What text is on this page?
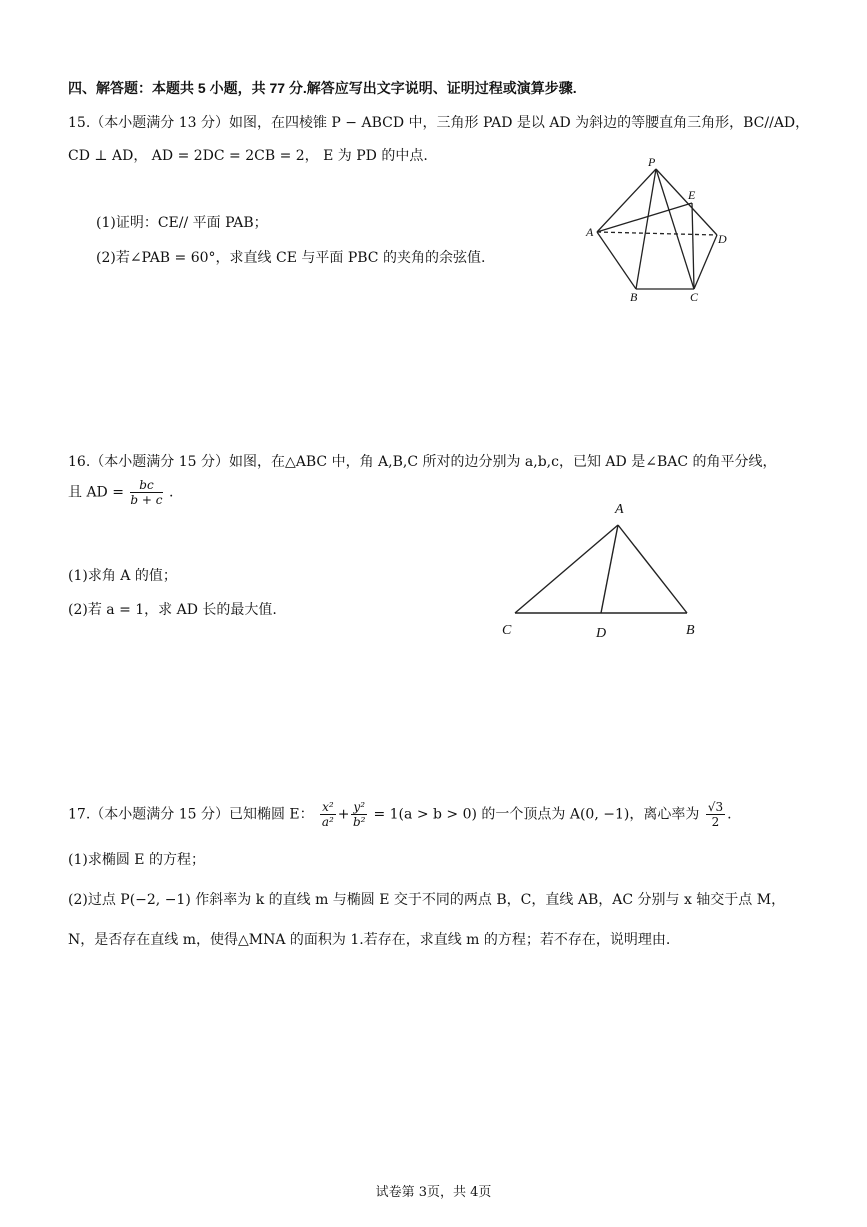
四、解答题：本题共 5 小题，共 77 分.解答应写出文字说明、证明过程或演算步骤.
15.（本小题满分 13 分）如图，在四棱锥 P − ABCD 中，三角形 PAD 是以 AD 为斜边的等腰直角三角形，BC//AD，
CD ⊥ AD， AD = 2DC = 2CB = 2， E 为 PD 的中点.
(1)证明：CE// 平面 PAB；
(2)若∠PAB = 60°，求直线 CE 与平面 PBC 的夹角的余弦值.
P
E
A	D
B	C
16.（本小题满分 15 分）如图，在△ABC 中，角 A,B,C 所对的边分别为 a,b,c，已知 AD 是∠BAC 的角平分线，
且 AD = $\frac{bc}{b + c}$ .
(1)求角 A 的值；
(2)若 a = 1，求 AD 长的最大值.
A
C	D	B
17.（本小题满分 15 分）已知椭圆 E： $\frac{\text{x²}}{\text{a²}} + \frac{\text{y²}}{\text{b²}} = 1(a > b > 0)$ 的一个顶点为 A(0, −1)，离心率为 $\frac{√3}{2}$ .
(1)求椭圆 E 的方程；
(2)过点 P(−2, −1) 作斜率为 k 的直线 m 与椭圆 E 交于不同的两点 B，C，直线 AB，AC 分别与 x 轴交于点 M，
N，是否存在直线 m，使得△MNA 的面积为 1.若存在，求直线 m 的方程；若不存在，说明理由.
试卷第 3页，共 4页
